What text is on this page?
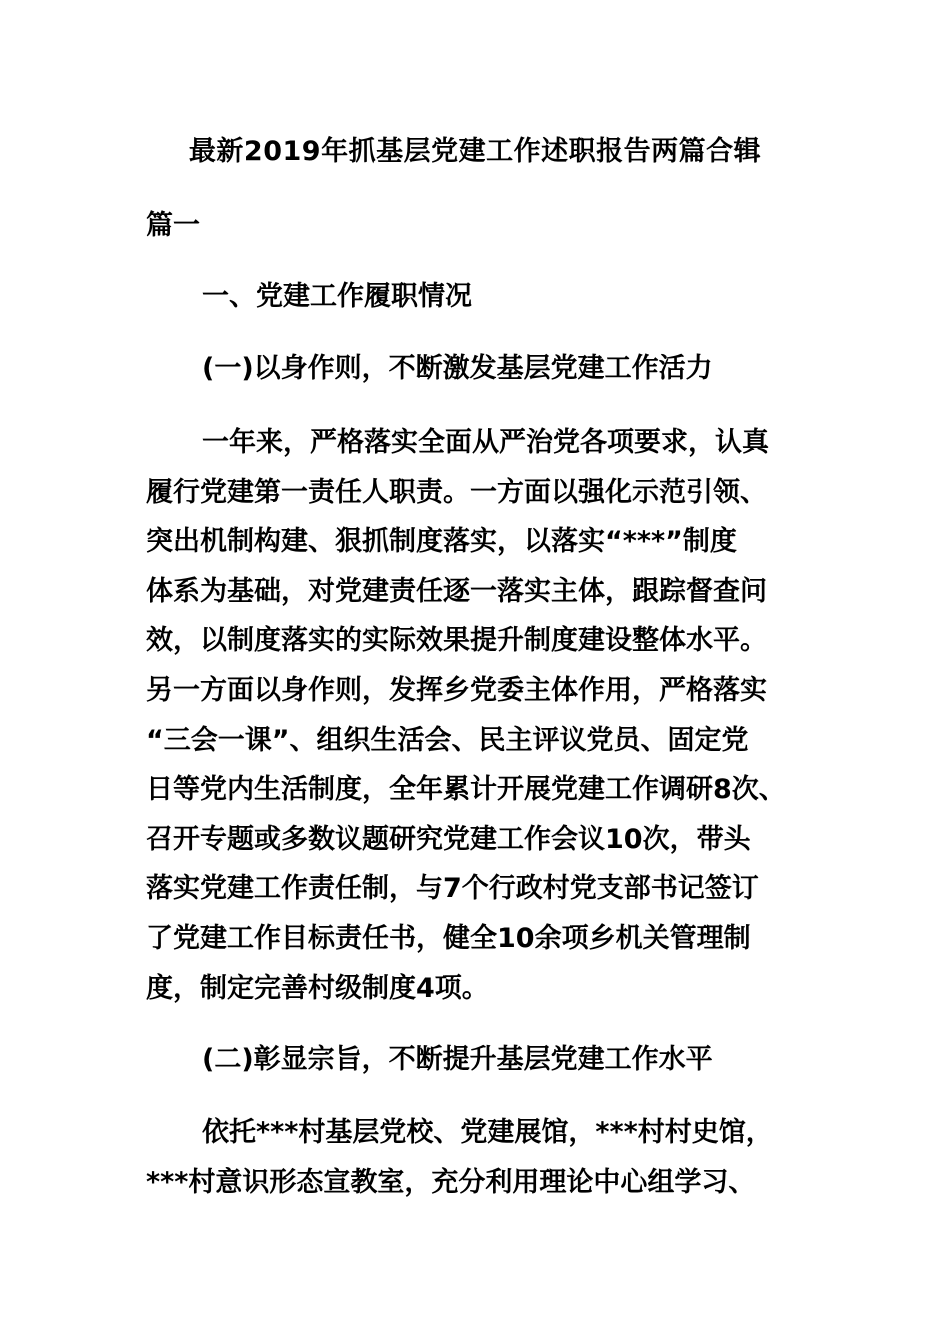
最新2019年抓基层党建工作述职报告两篇合辑
篇一
一、党建工作履职情况
(一)以身作则，不断激发基层党建工作活力
一年来，严格落实全面从严治党各项要求，认真
履行党建第一责任人职责。一方面以强化示范引领、
突出机制构建、狠抓制度落实，以落实“***”制度
体系为基础，对党建责任逐一落实主体，跟踪督查问
效，以制度落实的实际效果提升制度建设整体水平。
另一方面以身作则，发挥乡党委主体作用，严格落实
“三会一课”、组织生活会、民主评议党员、固定党
日等党内生活制度，全年累计开展党建工作调研8次、
召开专题或多数议题研究党建工作会议10次，带头
落实党建工作责任制，与7个行政村党支部书记签订
了党建工作目标责任书，健全10余项乡机关管理制
度，制定完善村级制度4项。
(二)彰显宗旨，不断提升基层党建工作水平
依托***村基层党校、党建展馆，***村村史馆，
***村意识形态宣教室，充分利用理论中心组学习、
